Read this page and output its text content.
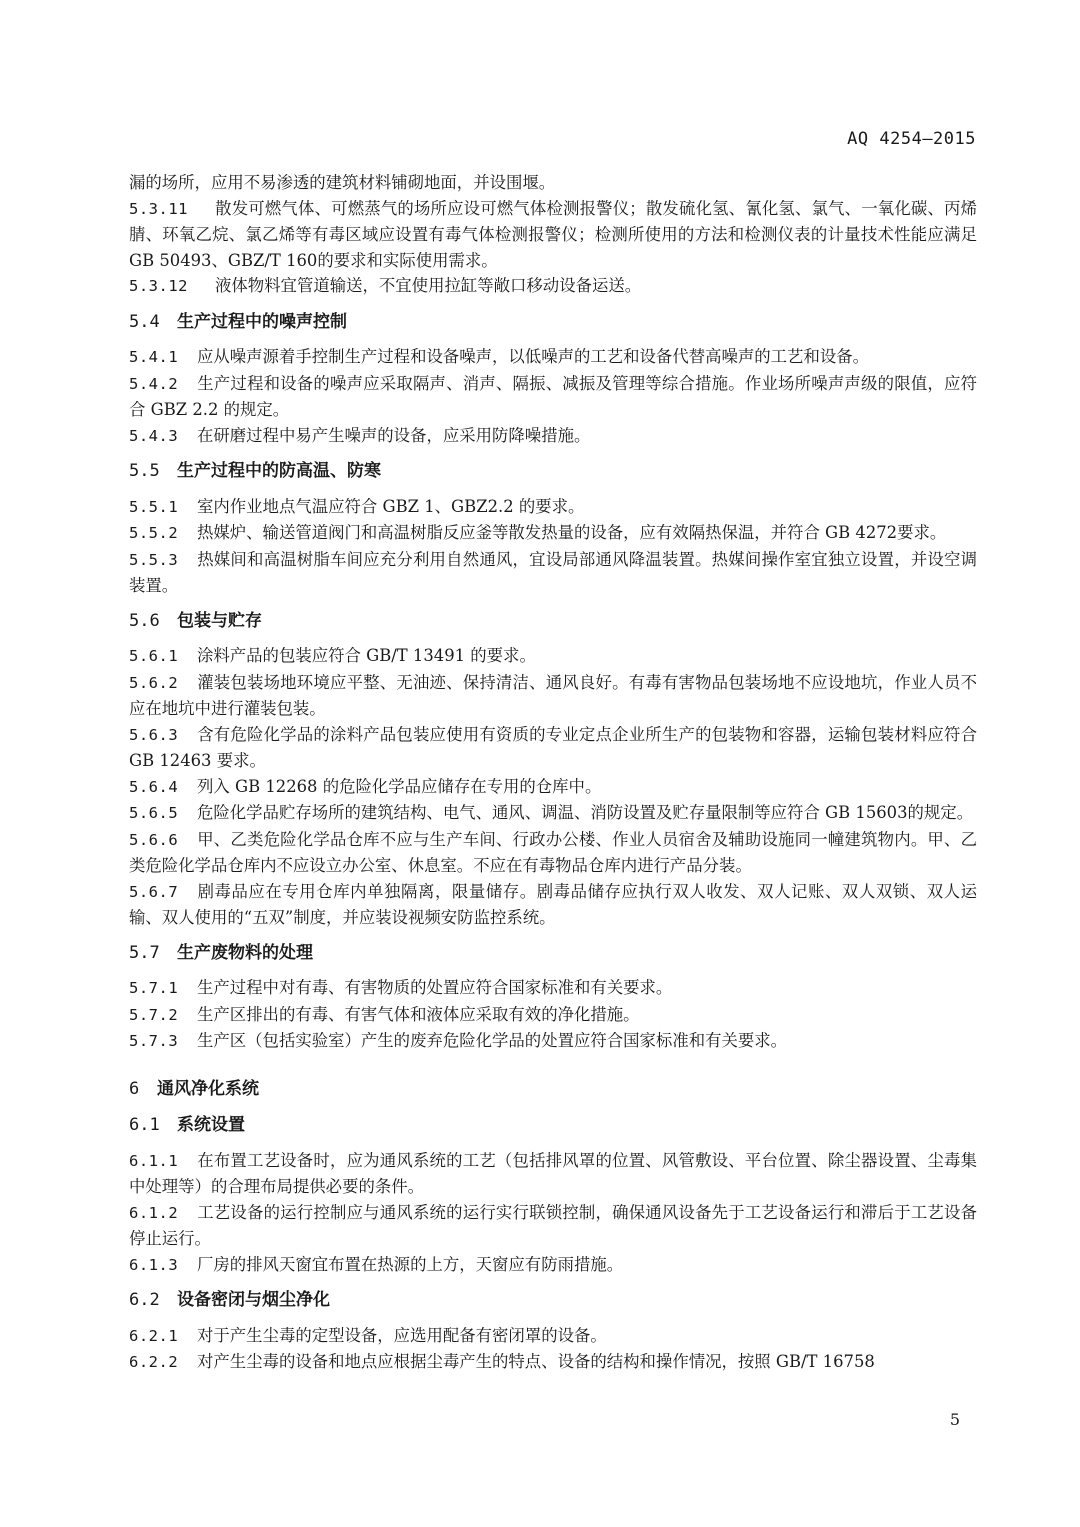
AQ 4254—2015
漏的场所，应用不易渗透的建筑材料铺砌地面，并设围堰。
5.3.11 散发可燃气体、可燃蒸气的场所应设可燃气体检测报警仪；散发硫化氢、氰化氢、氯气、一氧化碳、丙烯腈、环氧乙烷、氯乙烯等有毒区域应设置有毒气体检测报警仪；检测所使用的方法和检测仪表的计量技术性能应满足GB 50493、GBZ/T 160的要求和实际使用需求。
5.3.12 液体物料宜管道输送，不宜使用拉缸等敞口移动设备运送。
5.4 生产过程中的噪声控制
5.4.1 应从噪声源着手控制生产过程和设备噪声，以低噪声的工艺和设备代替高噪声的工艺和设备。
5.4.2 生产过程和设备的噪声应采取隔声、消声、隔振、减振及管理等综合措施。作业场所噪声声级的限值，应符合 GBZ 2.2 的规定。
5.4.3 在研磨过程中易产生噪声的设备，应采用防降噪措施。
5.5 生产过程中的防高温、防寒
5.5.1 室内作业地点气温应符合 GBZ 1、GBZ2.2 的要求。
5.5.2 热媒炉、输送管道阀门和高温树脂反应釜等散发热量的设备，应有效隔热保温，并符合 GB 4272要求。
5.5.3 热媒间和高温树脂车间应充分利用自然通风，宜设局部通风降温装置。热媒间操作室宜独立设置，并设空调装置。
5.6 包装与贮存
5.6.1 涂料产品的包装应符合 GB/T 13491 的要求。
5.6.2 灌装包装场地环境应平整、无油迹、保持清洁、通风良好。有毒有害物品包装场地不应设地坑，作业人员不应在地坑中进行灌装包装。
5.6.3 含有危险化学品的涂料产品包装应使用有资质的专业定点企业所生产的包装物和容器，运输包装材料应符合 GB 12463 要求。
5.6.4 列入 GB 12268 的危险化学品应储存在专用的仓库中。
5.6.5 危险化学品贮存场所的建筑结构、电气、通风、调温、消防设置及贮存量限制等应符合 GB 15603的规定。
5.6.6 甲、乙类危险化学品仓库不应与生产车间、行政办公楼、作业人员宿舍及辅助设施同一幢建筑物内。甲、乙类危险化学品仓库内不应设立办公室、休息室。不应在有毒物品仓库内进行产品分装。
5.6.7 剧毒品应在专用仓库内单独隔离，限量储存。剧毒品储存应执行双人收发、双人记账、双人双锁、双人运输、双人使用的“五双”制度，并应装设视频安防监控系统。
5.7 生产废物料的处理
5.7.1 生产过程中对有毒、有害物质的处置应符合国家标准和有关要求。
5.7.2 生产区排出的有毒、有害气体和液体应采取有效的净化措施。
5.7.3 生产区（包括实验室）产生的废弃危险化学品的处置应符合国家标准和有关要求。
6 通风净化系统
6.1 系统设置
6.1.1 在布置工艺设备时，应为通风系统的工艺（包括排风罩的位置、风管敷设、平台位置、除尘器设置、尘毒集中处理等）的合理布局提供必要的条件。
6.1.2 工艺设备的运行控制应与通风系统的运行实行联锁控制，确保通风设备先于工艺设备运行和滞后于工艺设备停止运行。
6.1.3 厂房的排风天窗宜布置在热源的上方，天窗应有防雨措施。
6.2 设备密闭与烟尘净化
6.2.1 对于产生尘毒的定型设备，应选用配备有密闭罩的设备。
6.2.2 对产生尘毒的设备和地点应根据尘毒产生的特点、设备的结构和操作情况，按照 GB/T 16758
5
